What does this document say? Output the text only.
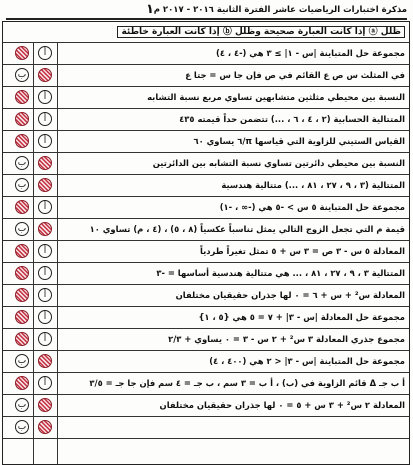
مذكرة اختبارات الرياضيات عاشر الفترة الثانية ٢٠١٦ - ٢٠١٧ م
١
ظلل ⓐ إذا كانت العبارة صحيحة وظلل ⓑ إذا كانت العبارة خاطئة
مجموعة حل المتباينة |س - ١| ≥ ٣ هي (-٤ ، ٤)
أ
في المثلث س ص ع القائم في ص فإن جا س = جتا ع
ب
النسبة بين محيطي مثلثين متشابهين تساوي مربع نسبة التشابه
أ
المتتالية الحسابية (٢ ، ٤ ، ٦ ، ...) تتضمن حداً قيمته ٤٣٥
أ
القياس الستيني للزاوية التي قياسها π/٦ يساوي ٦٠
أ
النسبة بين محيطي دائرتين تساوي نسبة التشابه بين الدائرتين
ب
المتتالية (٣ ، ٩ ، ٢٧ ، ٨١ ، ...) متتالية هندسية
ب
مجموعة حل المتباينة ٥ س > -٥ هي (-∞ ، -١)
أ
قيمة م التي تجعل الزوج التالي يمثل تناسباً عكسياً (٨ ، ٥) ، (٤ ، م) تساوي ١٠
ب
المعادلة ٥ س - ٣ ص = ٣ س + ٥ تمثل تغيراً طردياً
أ
المتتالية ٣ ، ٩ ، ٢٧ ، ٨١ ، ... هي متتالية هندسية أساسها = -٣
أ
المعادلة س² + س + ٦ = ٠ لها جذران حقيقيان مختلفان
أ
مجموعة حل المعادلة |س - ٣| + ٧ = ٥ هي {٥ ، ١}
أ
مجموع جذري المعادلة ٣ س² + ٢ س - ٣ = ٠ يساوي + ٢/٣
أ
مجموعة حل المتباينة |س - ٣| < ٢ هي (٤٠٠ ، ٤)
ب
أ ب جـ Δ قائم الزاوية في (ب) ، أ ب = ٣ سم ، ب جـ = ٤ سم فإن جا جـ = ٣/٥
أ
المعادلة ٢ س² + ٣ س + ٥ = ٠ لها جذران حقيقيان مختلفان
ب
ب
